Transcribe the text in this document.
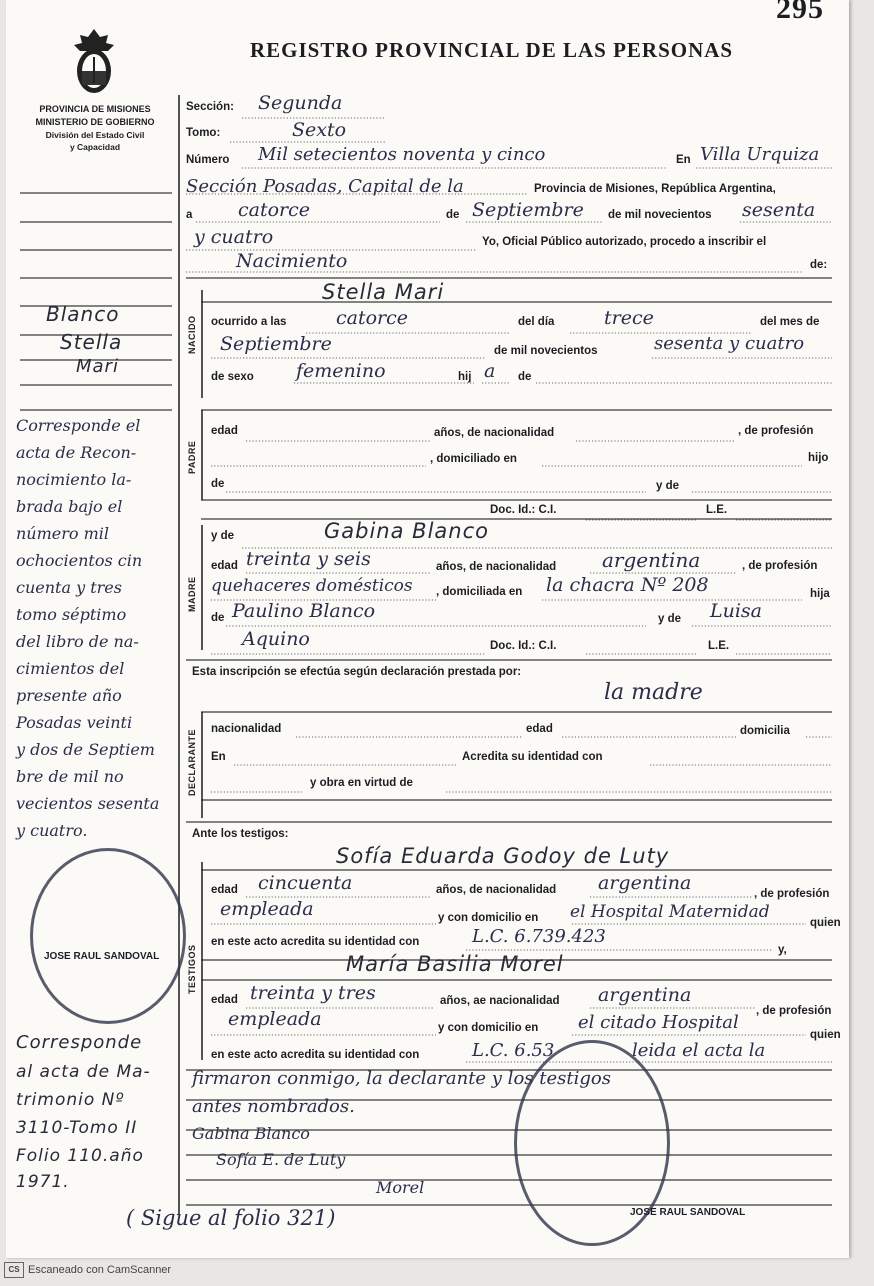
295
REGISTRO PROVINCIAL DE LAS PERSONAS
PROVINCIA DE MISIONES
MINISTERIO DE GOBIERNO
División del Estado Civil
y Capacidad
Sección: Segunda
Tomo:	Sexto
Número Mil setecientos noventa y cinco	En Villa Urquiza
Sección Posadas, Capital de la	Provincia de Misiones, República Argentina,
a catorce	de Septiembre de mil novecientos sesenta
y cuatro	Yo, Oficial Público autorizado, procedo a inscribir el
Nacimiento	de:
Stella Mari
NACIDO ocurrido a las	catorce	del día	trece	del mes de
Septiembre	de mil novecientos	sesenta y cuatro
de sexo femenino	hij a de
PADRE
edad	años, de nacionalidad	, de profesión
, domiciliado en	hijo
de	y de
Doc. Id.: C.I.	L.E.
MADRE
y de	Gabina Blanco
edad treinta y seis	años, de nacionalidad argentina	, de profesión
quehaceres domésticos , domiciliada en la chacra Nº 208	hija
de Paulino Blanco	y de Luisa
Aquino	Doc. Id.: C.I.	L.E.
Esta inscripción se efectúa según declaración prestada por:
la madre
DECLARANTE nacionalidad	edad	domicilia
En	Acredita su identidad con
y obra en virtud de
Ante los testigos:
TESTIGOS
Sofía Eduarda Godoy de Luty
edad cincuenta	años, de nacionalidad argentina	, de profesión
empleada	y con domicilio en el Hospital Maternidad
quien
en este acto acredita su identidad con	L.C. 6.739.423
y,
María Basilia Morel
edad treinta y tres	años, ae nacionalidad argentina
, de profesión
empleada	y con domicilio en el citado Hospital
quien
en este acto acredita su identidad con	L.C. 6.53	leida el acta la
firmaron conmigo, la declarante y los testigos
antes nombrados.
Gabina Blanco
Sofía E. de Luty
Morel
( Sigue al folio 321)
Blanco
Stella
Mari
Corresponde el
acta de Recon-
nocimiento la-
brada bajo el
número mil
ochocientos cin
cuenta y tres
tomo séptimo
del libro de na-
cimientos del
presente año
Posadas veinti
y dos de Septiem
bre de mil no
vecientos sesenta
y cuatro.
Corresponde
al acta de Ma-
trimonio Nº
3110-Tomo II
Folio 110.año
1971.
JOSE RAUL SANDOVAL
JOSE RAUL SANDOVAL
CS Escaneado con CamScanner
